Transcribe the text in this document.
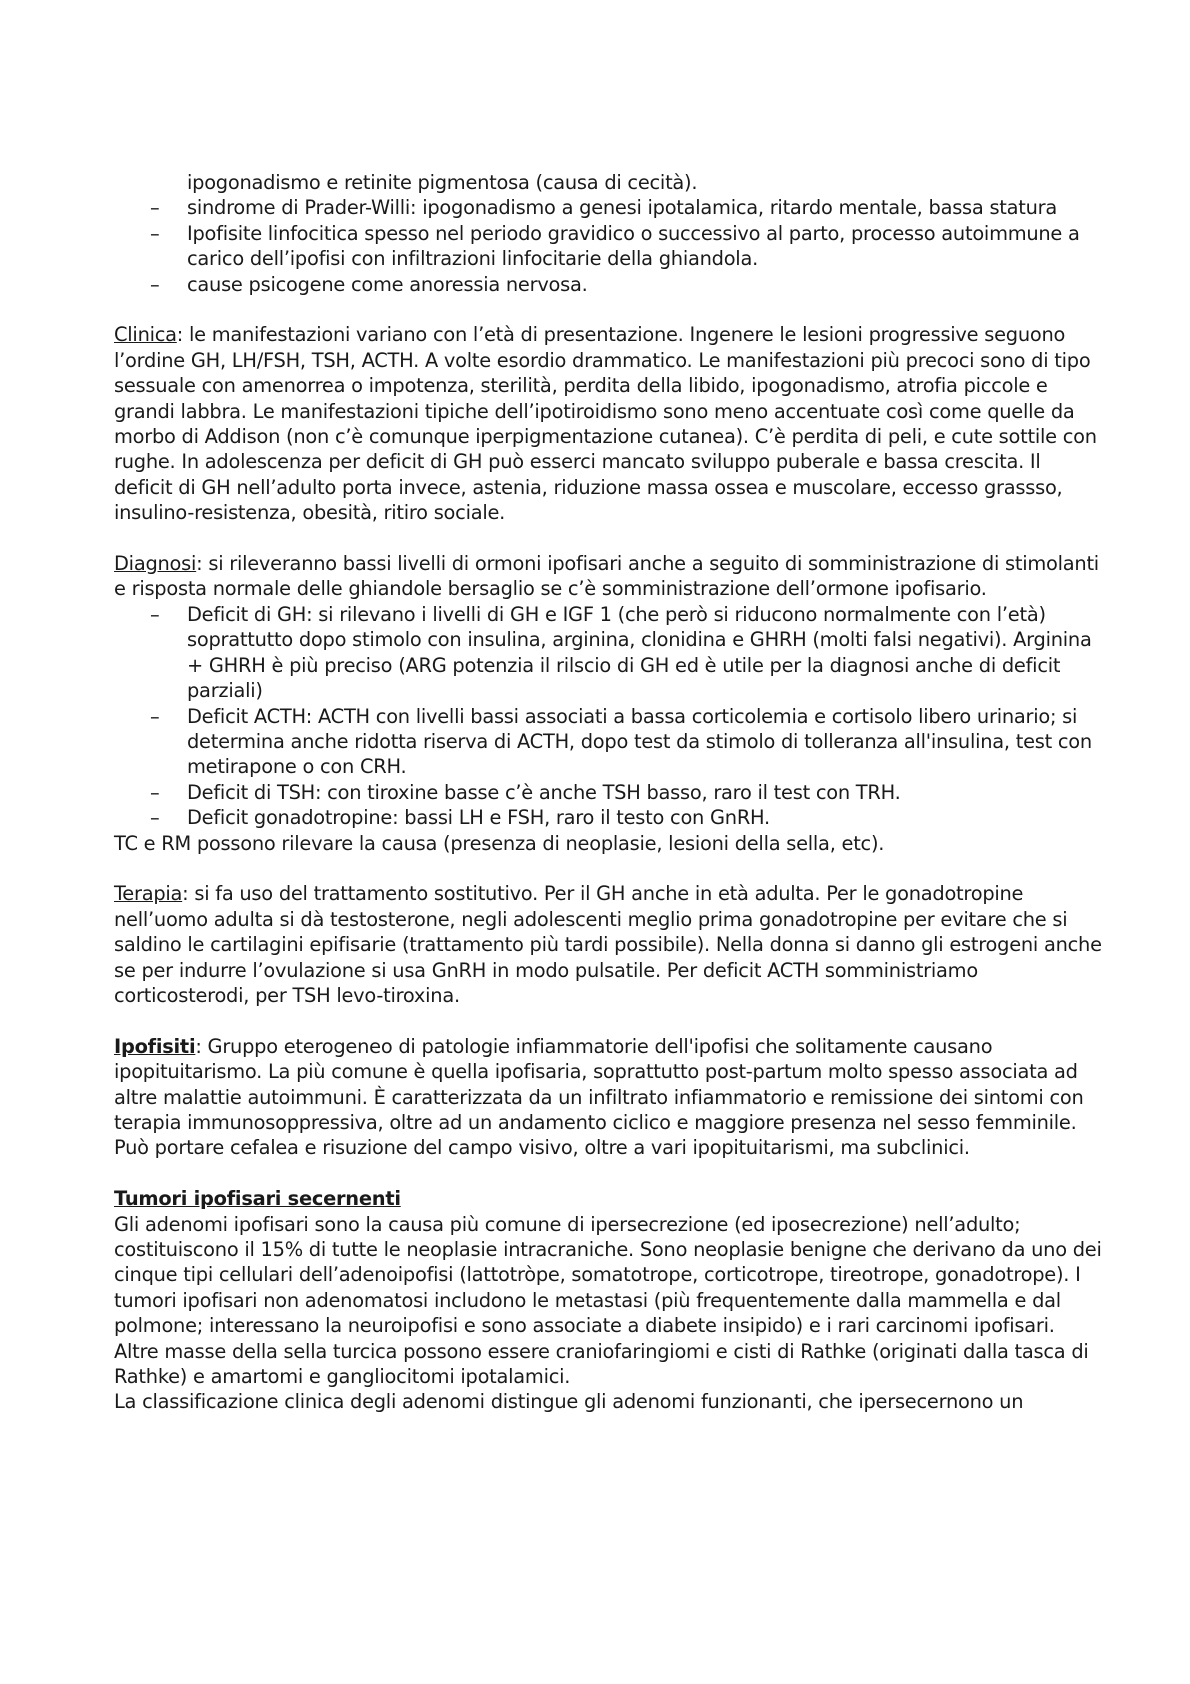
ipogonadismo e retinite pigmentosa (causa di cecità).

– sindrome di Prader-Willi: ipogonadismo a genesi ipotalamica, ritardo mentale, bassa statura
– Ipofisite linfocitica spesso nel periodo gravidico o successivo al parto, processo autoimmune a carico dell’ipofisi con infiltrazioni linfocitarie della ghiandola.
– cause psicogene come anoressia nervosa.

Clinica: le manifestazioni variano con l’età di presentazione. Ingenere le lesioni progressive seguono l’ordine GH, LH/FSH, TSH, ACTH. A volte esordio drammatico. Le manifestazioni più precoci sono di tipo sessuale con amenorrea o impotenza, sterilità, perdita della libido, ipogonadismo, atrofia piccole e grandi labbra. Le manifestazioni tipiche dell’ipotiroidismo sono meno accentuate così come quelle da morbo di Addison (non c’è comunque iperpigmentazione cutanea). C’è perdita di peli, e cute sottile con rughe. In adolescenza per deficit di GH può esserci mancato sviluppo puberale e bassa crescita. Il deficit di GH nell’adulto porta invece, astenia, riduzione massa ossea e muscolare, eccesso grassso, insulino-resistenza, obesità, ritiro sociale.

Diagnosi: si rileveranno bassi livelli di ormoni ipofisari anche a seguito di somministrazione di stimolanti e risposta normale delle ghiandole bersaglio se c’è somministrazione dell’ormone ipofisario.

– Deficit di GH: si rilevano i livelli di GH e IGF 1 (che però si riducono normalmente con l’età) soprattutto dopo stimolo con insulina, arginina, clonidina e GHRH (molti falsi negativi). Arginina + GHRH è più preciso (ARG potenzia il rilscio di GH ed è utile per la diagnosi anche di deficit parziali)
– Deficit ACTH: ACTH con livelli bassi associati a bassa corticolemia e cortisolo libero urinario; si determina anche ridotta riserva di ACTH, dopo test da stimolo di tolleranza all'insulina, test con metirapone o con CRH.
– Deficit di TSH: con tiroxine basse c’è anche TSH basso, raro il test con TRH.
– Deficit gonadotropine: bassi LH e FSH, raro il testo con GnRH.

TC e RM possono rilevare la causa (presenza di neoplasie, lesioni della sella, etc).

Terapia: si fa uso del trattamento sostitutivo. Per il GH anche in età adulta. Per le gonadotropine nell’uomo adulta si dà testosterone, negli adolescenti meglio prima gonadotropine per evitare che si saldino le cartilagini epifisarie (trattamento più tardi possibile). Nella donna si danno gli estrogeni anche se per indurre l’ovulazione si usa GnRH in modo pulsatile. Per deficit ACTH somministriamo corticosterodi, per TSH levo-tiroxina.

Ipofisiti: Gruppo eterogeneo di patologie infiammatorie dell'ipofisi che solitamente causano ipopituitarismo. La più comune è quella ipofisaria, soprattutto post-partum molto spesso associata ad altre malattie autoimmuni. È caratterizzata da un infiltrato infiammatorio e remissione dei sintomi con terapia immunosoppressiva, oltre ad un andamento ciclico e maggiore presenza nel sesso femminile. Può portare cefalea e risuzione del campo visivo, oltre a vari ipopituitarismi, ma subclinici.

Tumori ipofisari secernenti

Gli adenomi ipofisari sono la causa più comune di ipersecrezione (ed iposecrezione) nell’adulto; costituiscono il 15% di tutte le neoplasie intracraniche. Sono neoplasie benigne che derivano da uno dei cinque tipi cellulari dell’adenoipofisi (lattotròpe, somatotrope, corticotrope, tireotrope, gonadotrope). I tumori ipofisari non adenomatosi includono le metastasi (più frequentemente dalla mammella e dal polmone; interessano la neuroipofisi e sono associate a diabete insipido) e i rari carcinomi ipofisari. Altre masse della sella turcica possono essere craniofaringiomi e cisti di Rathke (originati dalla tasca di Rathke) e amartomi e gangliocitomi ipotalamici.

La classificazione clinica degli adenomi distingue gli adenomi funzionanti, che ipersecernono un
